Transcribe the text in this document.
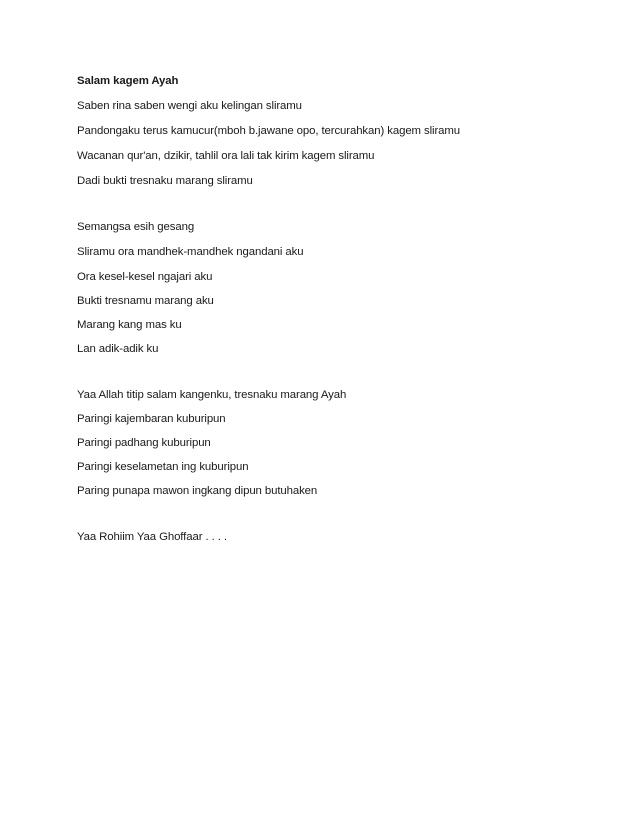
Salam kagem Ayah
Saben rina saben wengi aku kelingan sliramu
Pandongaku terus kamucur(mboh b.jawane opo, tercurahkan) kagem sliramu
Wacanan qur'an, dzikir, tahlil ora lali tak kirim kagem sliramu
Dadi bukti tresnaku marang sliramu
Semangsa esih gesang
Sliramu ora mandhek-mandhek ngandani aku
Ora kesel-kesel ngajari aku
Bukti tresnamu marang aku
Marang kang mas ku
Lan adik-adik ku
Yaa Allah titip salam kangenku, tresnaku marang Ayah
Paringi kajembaran kuburipun
Paringi padhang kuburipun
Paringi keselametan ing kuburipun
Paring punapa mawon ingkang dipun butuhaken
Yaa Rohiim Yaa Ghoffaar . . . .
